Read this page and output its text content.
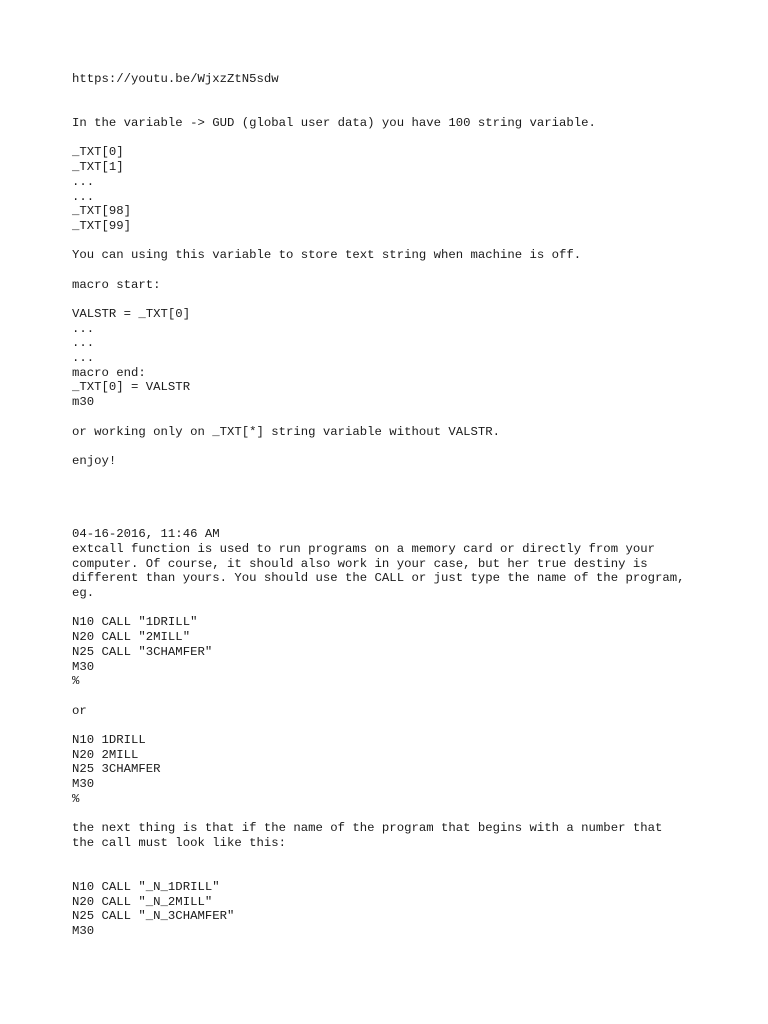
https://youtu.be/WjxzZtN5sdw
In the variable -> GUD (global user data) you have 100 string variable.
_TXT[0]
_TXT[1]
...
...
_TXT[98]
_TXT[99]
You can using this variable to store text string when machine is off.
macro start:
VALSTR = _TXT[0]
...
...
...
macro end:
_TXT[0] = VALSTR
m30
or working only on _TXT[*] string variable without VALSTR.
enjoy!
04-16-2016, 11:46 AM
extcall function is used to run programs on a memory card or directly from your
computer. Of course, it should also work in your case, but her true destiny is
different than yours. You should use the CALL or just type the name of the program,
eg.
N10 CALL "1DRILL"
N20 CALL "2MILL"
N25 CALL "3CHAMFER"
M30
%
or
N10 1DRILL
N20 2MILL
N25 3CHAMFER
M30
%
the next thing is that if the name of the program that begins with a number that
the call must look like this:
N10 CALL "_N_1DRILL"
N20 CALL "_N_2MILL"
N25 CALL "_N_3CHAMFER"
M30
